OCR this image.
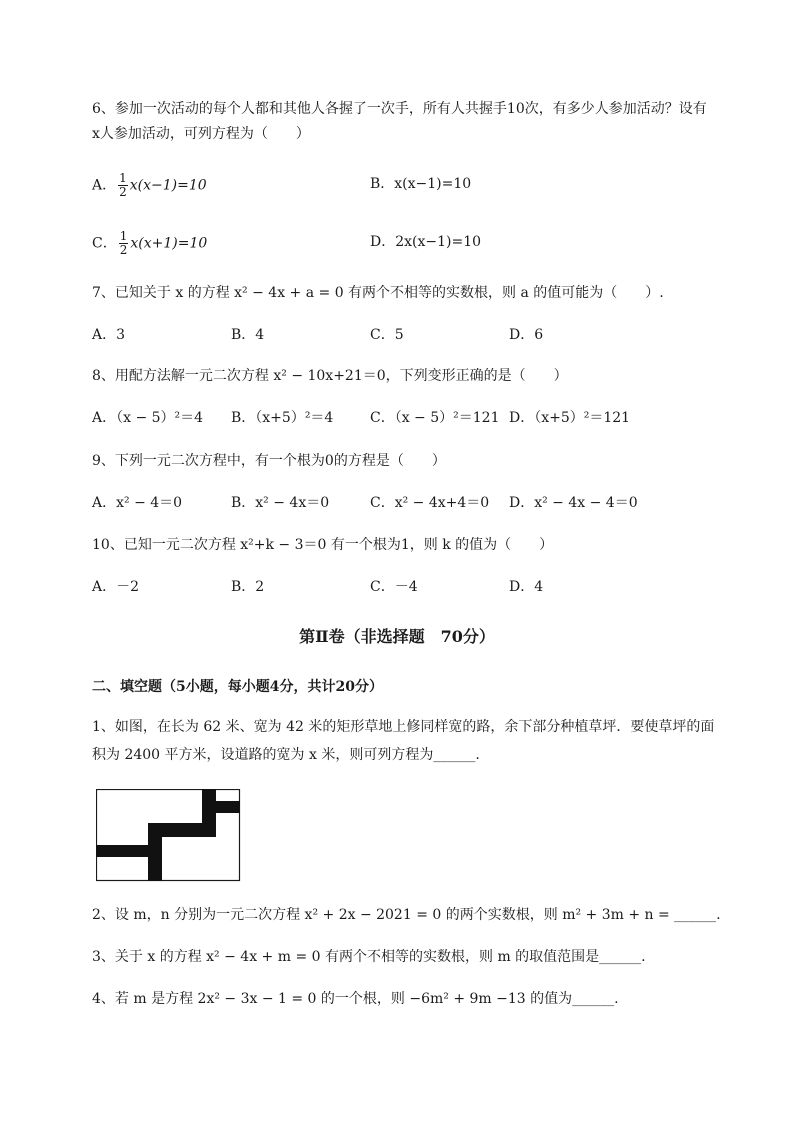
6、参加一次活动的每个人都和其他人各握了一次手，所有人共握手10次，有多少人参加活动？设有
x人参加活动，可列方程为（　　）
A． $\frac{1}{2} x(x-1)=10$	B．x(x−1)=10
C． $\frac{1}{2} x(x+1)=10$	D．2x(x−1)=10
7、已知关于 x 的方程 x² − 4x + a = 0 有两个不相等的实数根，则 a 的值可能为（　　）.
A．3	B．4	C．5	D．6
8、用配方法解一元二次方程 x² − 10x+21＝0，下列变形正确的是（　　）
A．（x − 5）²＝4 B．（x+5）²＝4	C．（x − 5）²＝121 D．（x+5）²＝121
9、下列一元二次方程中，有一个根为0的方程是（　　）
A．x² − 4＝0	B．x² − 4x＝0	C．x² − 4x+4＝0 D．x² − 4x − 4＝0
10、已知一元二次方程 x²+k − 3＝0 有一个根为1，则 k 的值为（　　）
A．－2	B．2	C．－4	D．4
第Ⅱ卷（非选择题　70分）
二、填空题（5小题，每小题4分，共计20分）
1、如图，在长为 62 米、宽为 42 米的矩形草地上修同样宽的路，余下部分种植草坪．要使草坪的面
积为 2400 平方米，设道路的宽为 x 米，则可列方程为______.
2、设 m，n 分别为一元二次方程 x² + 2x − 2021 = 0 的两个实数根，则 m² + 3m + n = ______.
3、关于 x 的方程 x² − 4x + m = 0 有两个不相等的实数根，则 m 的取值范围是______.
4、若 m 是方程 2x² − 3x − 1 = 0 的一个根，则 −6m² + 9m −13 的值为______.
